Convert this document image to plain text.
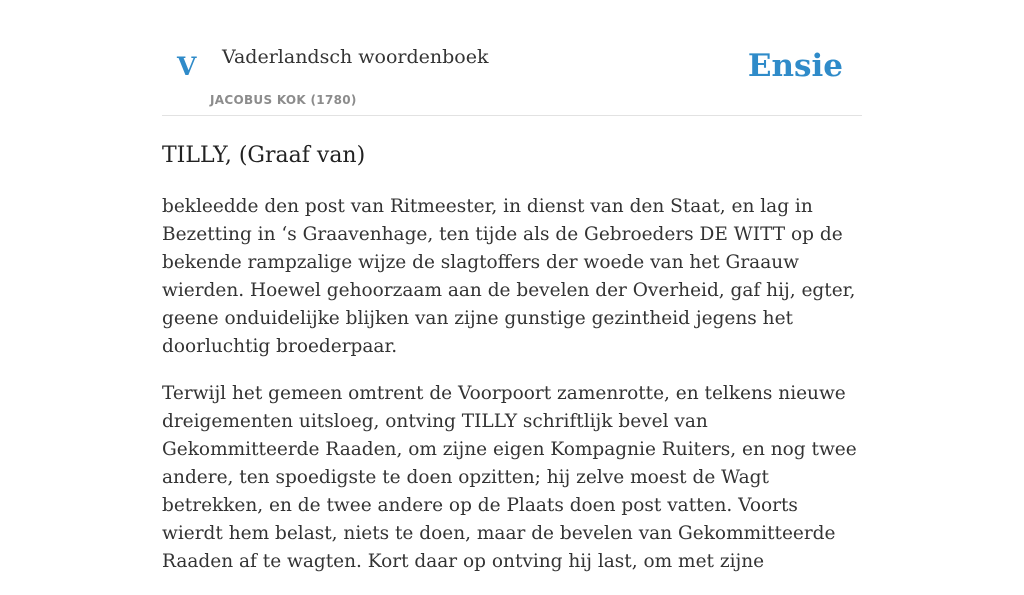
V Vaderlandsch woordenboek
JACOBUS KOK (1780)
Ensie
TILLY, (Graaf van)

bekleedde den post van Ritmeester, in dienst van den Staat, en lag in Bezetting in ‘s Graavenhage, ten tijde als de Gebroeders DE WITT op de bekende rampzalige wijze de slagtoffers der woede van het Graauw wierden. Hoewel gehoorzaam aan de bevelen der Overheid, gaf hij, egter, geene onduidelijke blijken van zijne gunstige gezintheid jegens het doorluchtig broederpaar.

Terwijl het gemeen omtrent de Voorpoort zamenrotte, en telkens nieuwe dreigementen uitsloeg, ontving TILLY schriftlijk bevel van Gekommitteerde Raaden, om zijne eigen Kompagnie Ruiters, en nog twee andere, ten spoedigste te doen opzitten; hij zelve moest de Wagt betrekken, en de twee andere op de Plaats doen post vatten. Voorts wierdt hem belast, niets te doen, maar de bevelen van Gekommitteerde Raaden af te wagten. Kort daar op ontving hij last, om met zijne
